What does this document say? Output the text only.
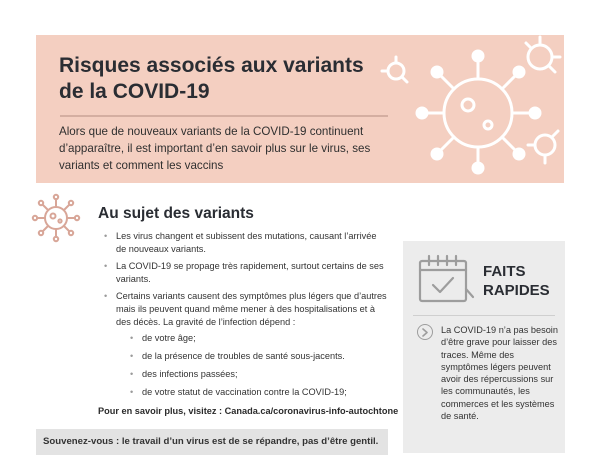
Risques associés aux variants de la COVID-19

Alors que de nouveaux variants de la COVID-19 continuent d’apparaître, il est important d’en savoir plus sur le virus, ses variants et comment les vaccins

Au sujet des variants
• Les virus changent et subissent des mutations, causant l’arrivée de nouveaux variants.
• La COVID-19 se propage très rapidement, surtout certains de ses variants.
• Certains variants causent des symptômes plus légers que d’autres mais ils peuvent quand même mener à des hospitalisations et à des décès. La gravité de l’infection dépend :
• de votre âge;
• de la présence de troubles de santé sous-jacents.
• des infections passées;
• de votre statut de vaccination contre la COVID-19;

Pour en savoir plus, visitez : Canada.ca/coronavirus-info-autochtone

Souvenez-vous : le travail d’un virus est de se répandre, pas d’être gentil.

FAITS
RAPIDES

La COVID-19 n’a pas besoin d’être grave pour laisser des traces. Même des symptômes légers peuvent avoir des répercussions sur les communautés, les commerces et les systèmes de santé.
